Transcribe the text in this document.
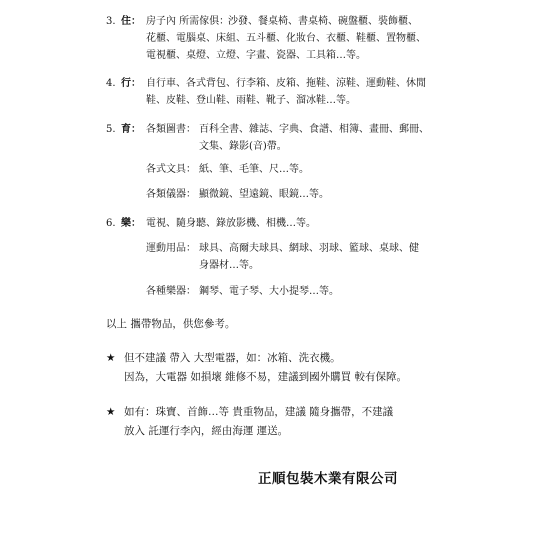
3. 住： 房子內 所需傢俱：
沙發、餐桌椅、書桌椅、碗盤櫃、裝飾櫃、
花櫃、電腦桌、床組、五斗櫃、化妝台、衣櫃、鞋櫃、置物櫃、
電視櫃、桌燈、立燈、字畫、瓷器、工具箱…等。
4. 行： 自行車、各式背包、行李箱、皮箱、拖鞋、涼鞋、運動鞋、休閒
鞋、皮鞋、登山鞋、雨鞋、靴子、溜冰鞋…等。
5. 育： 各類圖書： 百科全書、雜誌、字典、食譜、相簿、畫冊、郵冊、
文集、錄影(音)帶。
各式文具： 紙、筆、毛筆、尺…等。
各類儀器： 顯微鏡、望遠鏡、眼鏡…等。
6. 樂： 電視、隨身聽、錄放影機、相機…等。
運動用品： 球具、高爾夫球具、網球、羽球、籃球、桌球、健
身器材…等。
各種樂器： 鋼琴、電子琴、大小提琴…等。
以上 攜帶物品，供您參考。
★ 但不建議 帶入 大型電器，如：冰箱、洗衣機。
因為，大電器 如損壞 維修不易，建議到國外購買 較有保障。
★ 如有：珠寶、首飾…等 貴重物品，建議 隨身攜帶，不建議
放入 託運行李內，經由海運 運送。
正順包裝木業有限公司
